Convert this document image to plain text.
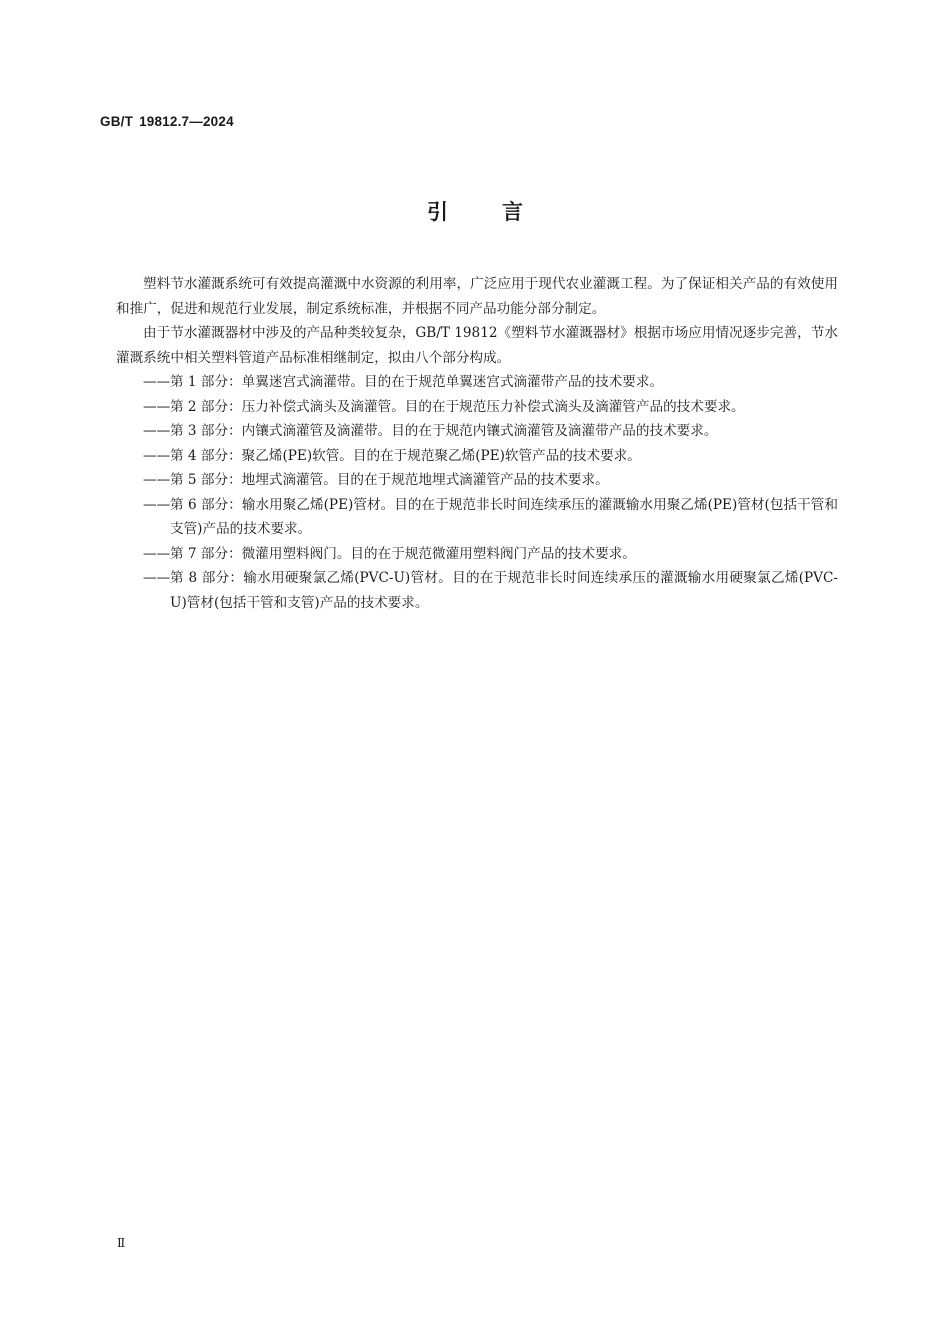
GB/T 19812.7—2024
引言

塑料节水灌溉系统可有效提高灌溉中水资源的利用率，广泛应用于现代农业灌溉工程。为了保证相关产品的有效使用和推广，促进和规范行业发展，制定系统标准，并根据不同产品功能分部分制定。

由于节水灌溉器材中涉及的产品种类较复杂，GB/T 19812《塑料节水灌溉器材》根据市场应用情况逐步完善，节水灌溉系统中相关塑料管道产品标准相继制定，拟由八个部分构成。

—— 第 1 部分：单翼迷宫式滴灌带。目的在于规范单翼迷宫式滴灌带产品的技术要求。
—— 第 2 部分：压力补偿式滴头及滴灌管。目的在于规范压力补偿式滴头及滴灌管产品的技术要求。
—— 第 3 部分：内镶式滴灌管及滴灌带。目的在于规范内镶式滴灌管及滴灌带产品的技术要求。
—— 第 4 部分：聚乙烯(PE)软管。目的在于规范聚乙烯(PE)软管产品的技术要求。
—— 第 5 部分：地埋式滴灌管。目的在于规范地埋式滴灌管产品的技术要求。
—— 第 6 部分：输水用聚乙烯(PE)管材。目的在于规范非长时间连续承压的灌溉输水用聚乙烯(PE)管材(包括干管和支管)产品的技术要求。
—— 第 7 部分：微灌用塑料阀门。目的在于规范微灌用塑料阀门产品的技术要求。
—— 第 8 部分：输水用硬聚氯乙烯(PVC-U)管材。目的在于规范非长时间连续承压的灌溉输水用硬聚氯乙烯(PVC-U)管材(包括干管和支管)产品的技术要求。
Ⅱ
